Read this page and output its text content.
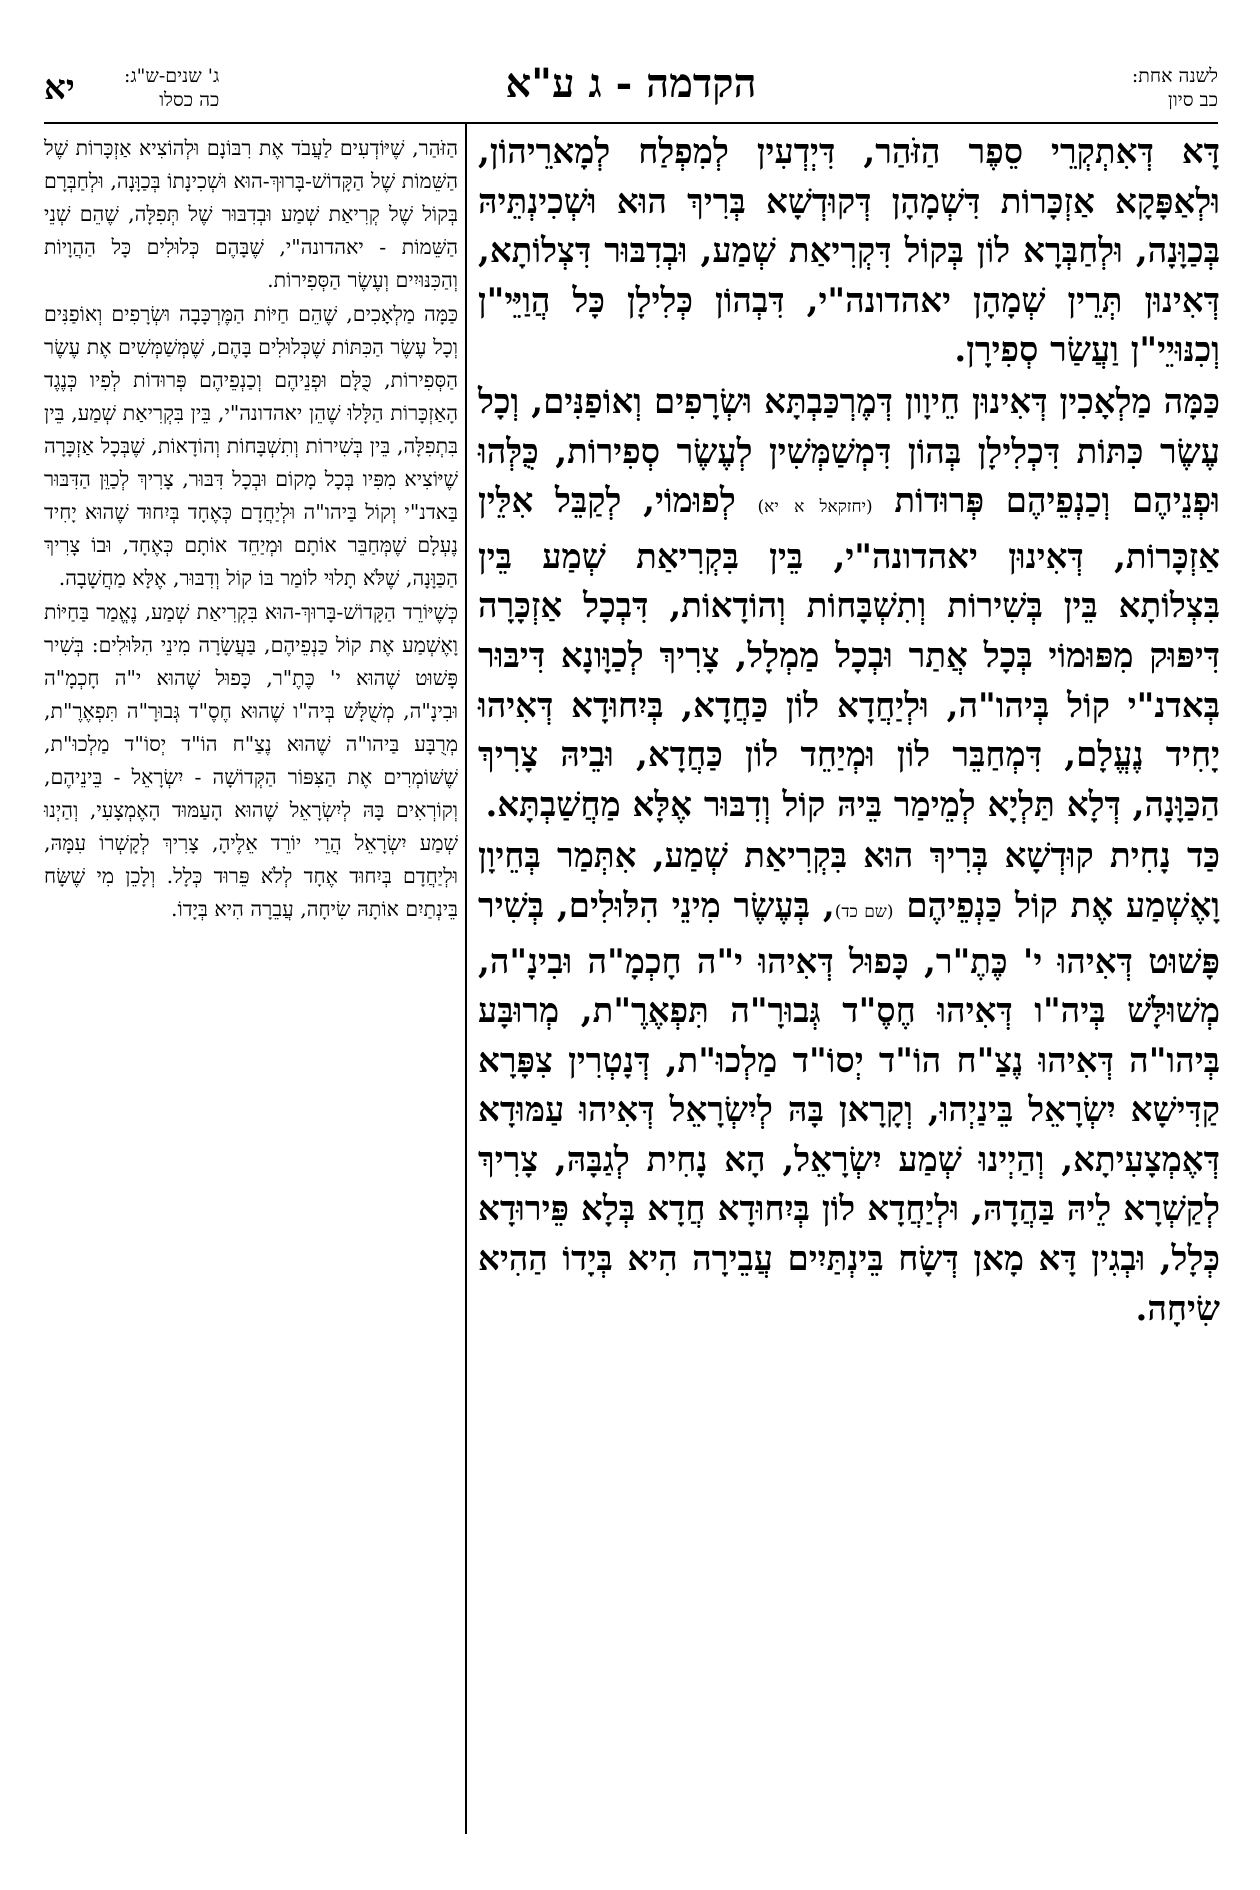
לשנה אחת:
כב סיון
הקדמה - ג ע"א
ג' שנים-ש"ג:
כה כסלו
יא

דָּא דְּאִתְקְרֵי סֵפֶר הַזֹּהַר, דִּיְדְעִין לְמִפְלַח לְמָארֵיהוֹן, וּלְאַפָּקָא אַזְכָּרוֹת דִּשְׁמָהָן דְּקוּדְשָׁא בְּרִיךְ הוּא וּשְׁכִינְתֵּיהּ בְּכַוָּנָה, וּלְחַבְּרָא לוֹן בְּקוֹל דִּקְרִיאַת שְׁמַע, וּבְדִבּוּר דִּצְלוֹתָא, דְּאִינוּן תְּרֵין שְׁמָהָן יאהדונה"י, דִּבְהוֹן כְּלִילָן כָּל הֲוַיֵּי"ן וְכִנּוּיֵי"ן וַעֲשַׂר סְפִירָן.

כַּמָּה מַלְאָכִין דְּאִינוּן חֵיוָון דְּמֶרְכַּבְתָּא וּשְׂרָפִים וְאוֹפַנִּים, וְכָל עֶשֶׂר כִּתּוֹת דִּכְלִילָן בְּהוֹן דִּמְשַׁמְּשִׁין לְעֶשֶׂר סְפִירוֹת, כֻּלְּהוּ וּפְנֵיהֶם וְכַנְפֵיהֶם פְּרוּדוֹת (יחזקאל א יא) לְפוּמוֹי, לְקַבֵּל אִלֵּין אַזְכָּרוֹת, דְּאִינוּן יאהדונה"י, בֵּין בִּקְרִיאַת שְׁמַע בֵּין בִּצְלוֹתָא בֵּין בְּשִׁירוֹת וְתִשְׁבָּחוֹת וְהוֹדָאוֹת, דִּבְכָל אַזְכָּרָה דִּיפּוּק מִפּוּמוֹי בְּכָל אֲתַר וּבְכָל מַמְלָל, צָרִיךְ לְכַוָּונָא דִּיבּוּר בְּאדנ"י קוֹל בְּיהו"ה, וּלְיַחֲדָא לוֹן כַּחֲדָא, בְּיִחוּדָא דְּאִיהוּ יָחִיד נֶעֱלָם, דִּמְחַבֵּר לוֹן וּמְיַחֵד לוֹן כַּחֲדָא, וּבֵיהּ צָרִיךְ הַכַּוָּנָה, דְּלָא תַּלְיָא לְמֵימַר בֵּיהּ קוֹל וְדִבּוּר אֶלָּא מַחֲשַׁבְתָּא.

כַּד נָחִית קוּדְשָׁא בְּרִיךְ הוּא בִּקְרִיאַת שְׁמַע, אִתְּמַר בְּחֵיוָן וָאֶשְׁמַע אֶת קוֹל כַּנְפֵיהֶם (שם כד), בְּעֶשֶׂר מִינֵי הִלּוּלִים, בְּשִׁיר פָּשׁוּט דְּאִיהוּ י' כֶּתֶ"ר, כָּפוּל דְּאִיהוּ י"ה חָכְמָ"ה וּבִינָ"ה, מְשׁוּלָּשׁ בְּיה"ו דְּאִיהוּ חֶסֶ"ד גְּבוּרָ"ה תִּפְאֶרֶ"ת, מְרוּבָּע בְּיהו"ה דְּאִיהוּ נֶצַ"ח הוֹ"ד יְסוֹ"ד מַלְכוּ"ת, דְּנָטְרִין צִפָּרָא קַדִּישָׁא יִשְׂרָאֵל בֵּינַיְהוּ, וְקָרָאן בָּהּ לְיִשְׂרָאֵל דְּאִיהוּ עַמּוּדָא דְּאֶמְצָעִיתָא, וְהַיְינוּ שְׁמַע יִשְׂרָאֵל, הָא נָחִית לְגַבָּהּ, צָרִיךְ לְקַשְׁרָא לֵיהּ בַּהֲדָהּ, וּלְיַחֲדָא לוֹן בְּיִחוּדָא חֲדָא בְּלָא פֵּירוּדָא כְּלָל, וּבְגִין דָּא מָאן דְּשָׂח בֵּינְתַּיִים עֲבֵירָה הִיא בְּיָדוֹ הַהִיא שִׂיחָה.

הַזֹּהַר, שֶׁיּוֹדְעִים לַעֲבֹד אֶת רִבּוֹנָם וּלְהוֹצִיא אַזְכָּרוֹת שֶׁל הַשֵּׁמוֹת שֶׁל הַקָּדוֹשׁ-בָּרוּךְ-הוּא וּשְׁכִינָתוֹ בְּכַוָּנָה, וּלְחַבְּרָם בְּקוֹל שֶׁל קְרִיאַת שְׁמַע וּבְדִבּוּר שֶׁל תְּפִלָּה, שֶׁהֵם שְׁנֵי הַשֵּׁמוֹת - יאהדונה"י, שֶׁבָּהֶם כְּלוּלִים כָּל הַהֲוָיוֹת וְהַכִּנּוּיִים וְעֶשֶׂר הַסְּפִירוֹת.

כַּמָּה מַלְאָכִים, שֶׁהֵם חַיּוֹת הַמֶּרְכָּבָה וּשְׂרָפִים וְאוֹפַנִּים וְכָל עֶשֶׂר הַכִּתּוֹת שֶׁכְּלוּלִים בָּהֶם, שֶׁמְּשַׁמְּשִׁים אֶת עֶשֶׂר הַסְּפִירוֹת, כֻּלָּם וּפְנֵיהֶם וְכַנְפֵיהֶם פְּרוּדוֹת לְפִיו כְּנֶגֶד הָאַזְכָּרוֹת הַלָּלוּ שֶׁהֵן יאהדונה"י, בֵּין בִּקְרִיאַת שְׁמַע, בֵּין בִּתְפִלָּה, בֵּין בְּשִׁירוֹת וְתִשְׁבָּחוֹת וְהוֹדָאוֹת, שֶׁבְּכָל אַזְכָּרָה שֶׁיּוֹצִיא מִפִּיו בְּכָל מָקוֹם וּבְכָל דִּבּוּר, צָרִיךְ לְכַוֵּן הַדִּבּוּר בַּאדנ"י וְקוֹל בַּיהו"ה וּלְיַחֲדָם כְּאֶחָד בְּיִחוּד שֶׁהוּא יָחִיד נֶעְלָם שֶׁמְּחַבֵּר אוֹתָם וּמְיַחֵד אוֹתָם כְּאֶחָד, וּבוֹ צָרִיךְ הַכַּוָּנָה, שֶׁלֹּא תָלוּי לוֹמַר בּוֹ קוֹל וְדִבּוּר, אֶלָּא מַחֲשָׁבָה.

כְּשֶׁיּוֹרֵד הַקָּדוֹשׁ-בָּרוּךְ-הוּא בִּקְרִיאַת שְׁמַע, נֶאֱמַר בַּחַיּוֹת וָאֶשְׁמַע אֶת קוֹל כַּנְפֵיהֶם, בַּעֲשָׂרָה מִינֵי הִלּוּלִים: בְּשִׁיר פָּשׁוּט שֶׁהוּא י' כֶּתֶ"ר, כָּפוּל שֶׁהוּא י"ה חָכְמָ"ה וּבִינָ"ה, מְשֻׁלָּשׁ בְּיה"ו שֶׁהוּא חֶסֶ"ד גְּבוּרָ"ה תִּפְאֶרֶ"ת, מְרֻבָּע בַּיהו"ה שֶׁהוּא נֶצַ"ח הוֹ"ד יְסוֹ"ד מַלְכוּ"ת, שֶׁשּׁוֹמְרִים אֶת הַצִּפּוֹר הַקְּדוֹשָׁה - יִשְׂרָאֵל - בֵּינֵיהֶם, וְקוֹרְאִים בָּהּ לְיִשְׂרָאֵל שֶׁהוּא הָעַמּוּד הָאֶמְצָעִי, וְהַיְנוּ שְׁמַע יִשְׂרָאֵל הֲרֵי יוֹרֵד אֵלֶיהָ, צָרִיךְ לְקָשְׁרוֹ עִמָּהּ, וּלְיַחֲדָם בְּיִחוּד אֶחָד לְלֹא פֵּרוּד כְּלָל. וְלָכֵן מִי שֶׁשָּׂח בֵּינְתַיִם אוֹתָהּ שִׂיחָה, עֲבֵרָה הִיא בְּיָדוֹ.
